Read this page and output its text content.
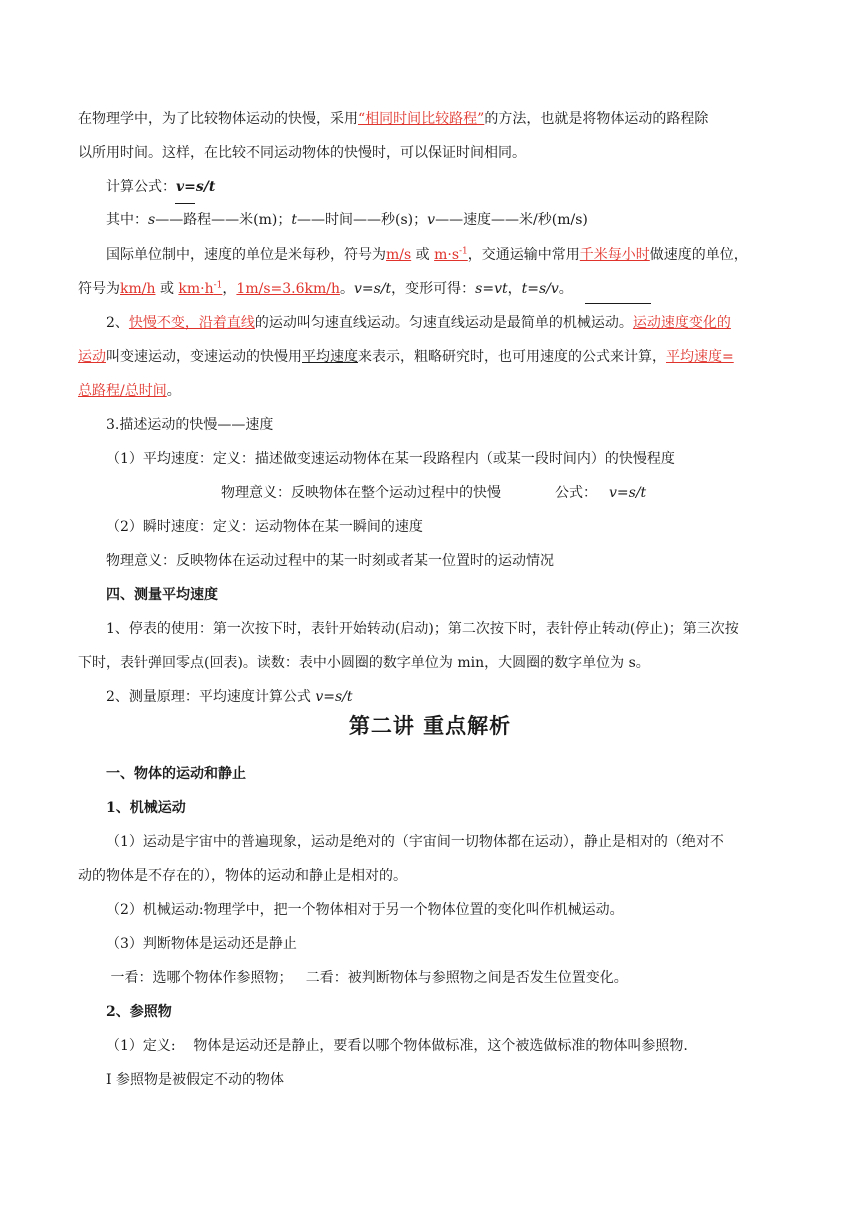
在物理学中，为了比较物体运动的快慢，采用“相同时间比较路程”的方法，也就是将物体运动的路程除
以所用时间。这样，在比较不同运动物体的快慢时，可以保证时间相同。
计算公式：v=s/t
其中：s——路程——米(m)；t——时间——秒(s)；v——速度——米/秒(m/s)
国际单位制中，速度的单位是米每秒，符号为m/s 或 $m\cdot s^{-1}$，交通运输中常用千米每小时做速度的单位，
符号为km/h 或 $km\cdot h^{-1}$，1m/s=3.6km/h。v=s/t，变形可得：s=vt，t=s/v。
2、快慢不变，沿着直线的运动叫匀速直线运动。匀速直线运动是最简单的机械运动。运动速度变化的
运动叫变速运动，变速运动的快慢用平均速度来表示，粗略研究时，也可用速度的公式来计算，平均速度=
总路程/总时间。
3.描述运动的快慢——速度
（1）平均速度：定义：描述做变速运动物体在某一段路程内（或某一段时间内）的快慢程度
物理意义：反映物体在整个运动过程中的快慢	公式： v=s/t
（2）瞬时速度：定义：运动物体在某一瞬间的速度
物理意义：反映物体在运动过程中的某一时刻或者某一位置时的运动情况
四、测量平均速度
1、停表的使用：第一次按下时，表针开始转动(启动)；第二次按下时，表针停止转动(停止)；第三次按
下时，表针弹回零点(回表)。读数：表中小圆圈的数字单位为 min，大圆圈的数字单位为 s。
2、测量原理：平均速度计算公式 v=s/t
第二讲 重点解析
一、物体的运动和静止
1、机械运动
（1）运动是宇宙中的普遍现象，运动是绝对的（宇宙间一切物体都在运动），静止是相对的（绝对不
动的物体是不存在的），物体的运动和静止是相对的。
（2）机械运动:物理学中，把一个物体相对于另一个物体位置的变化叫作机械运动。
（3）判断物体是运动还是静止
一看：选哪个物体作参照物；   二看：被判断物体与参照物之间是否发生位置变化。
2、参照物
（1）定义:    物体是运动还是静止，要看以哪个物体做标准，这个被选做标准的物体叫参照物.
I 参照物是被假定不动的物体
